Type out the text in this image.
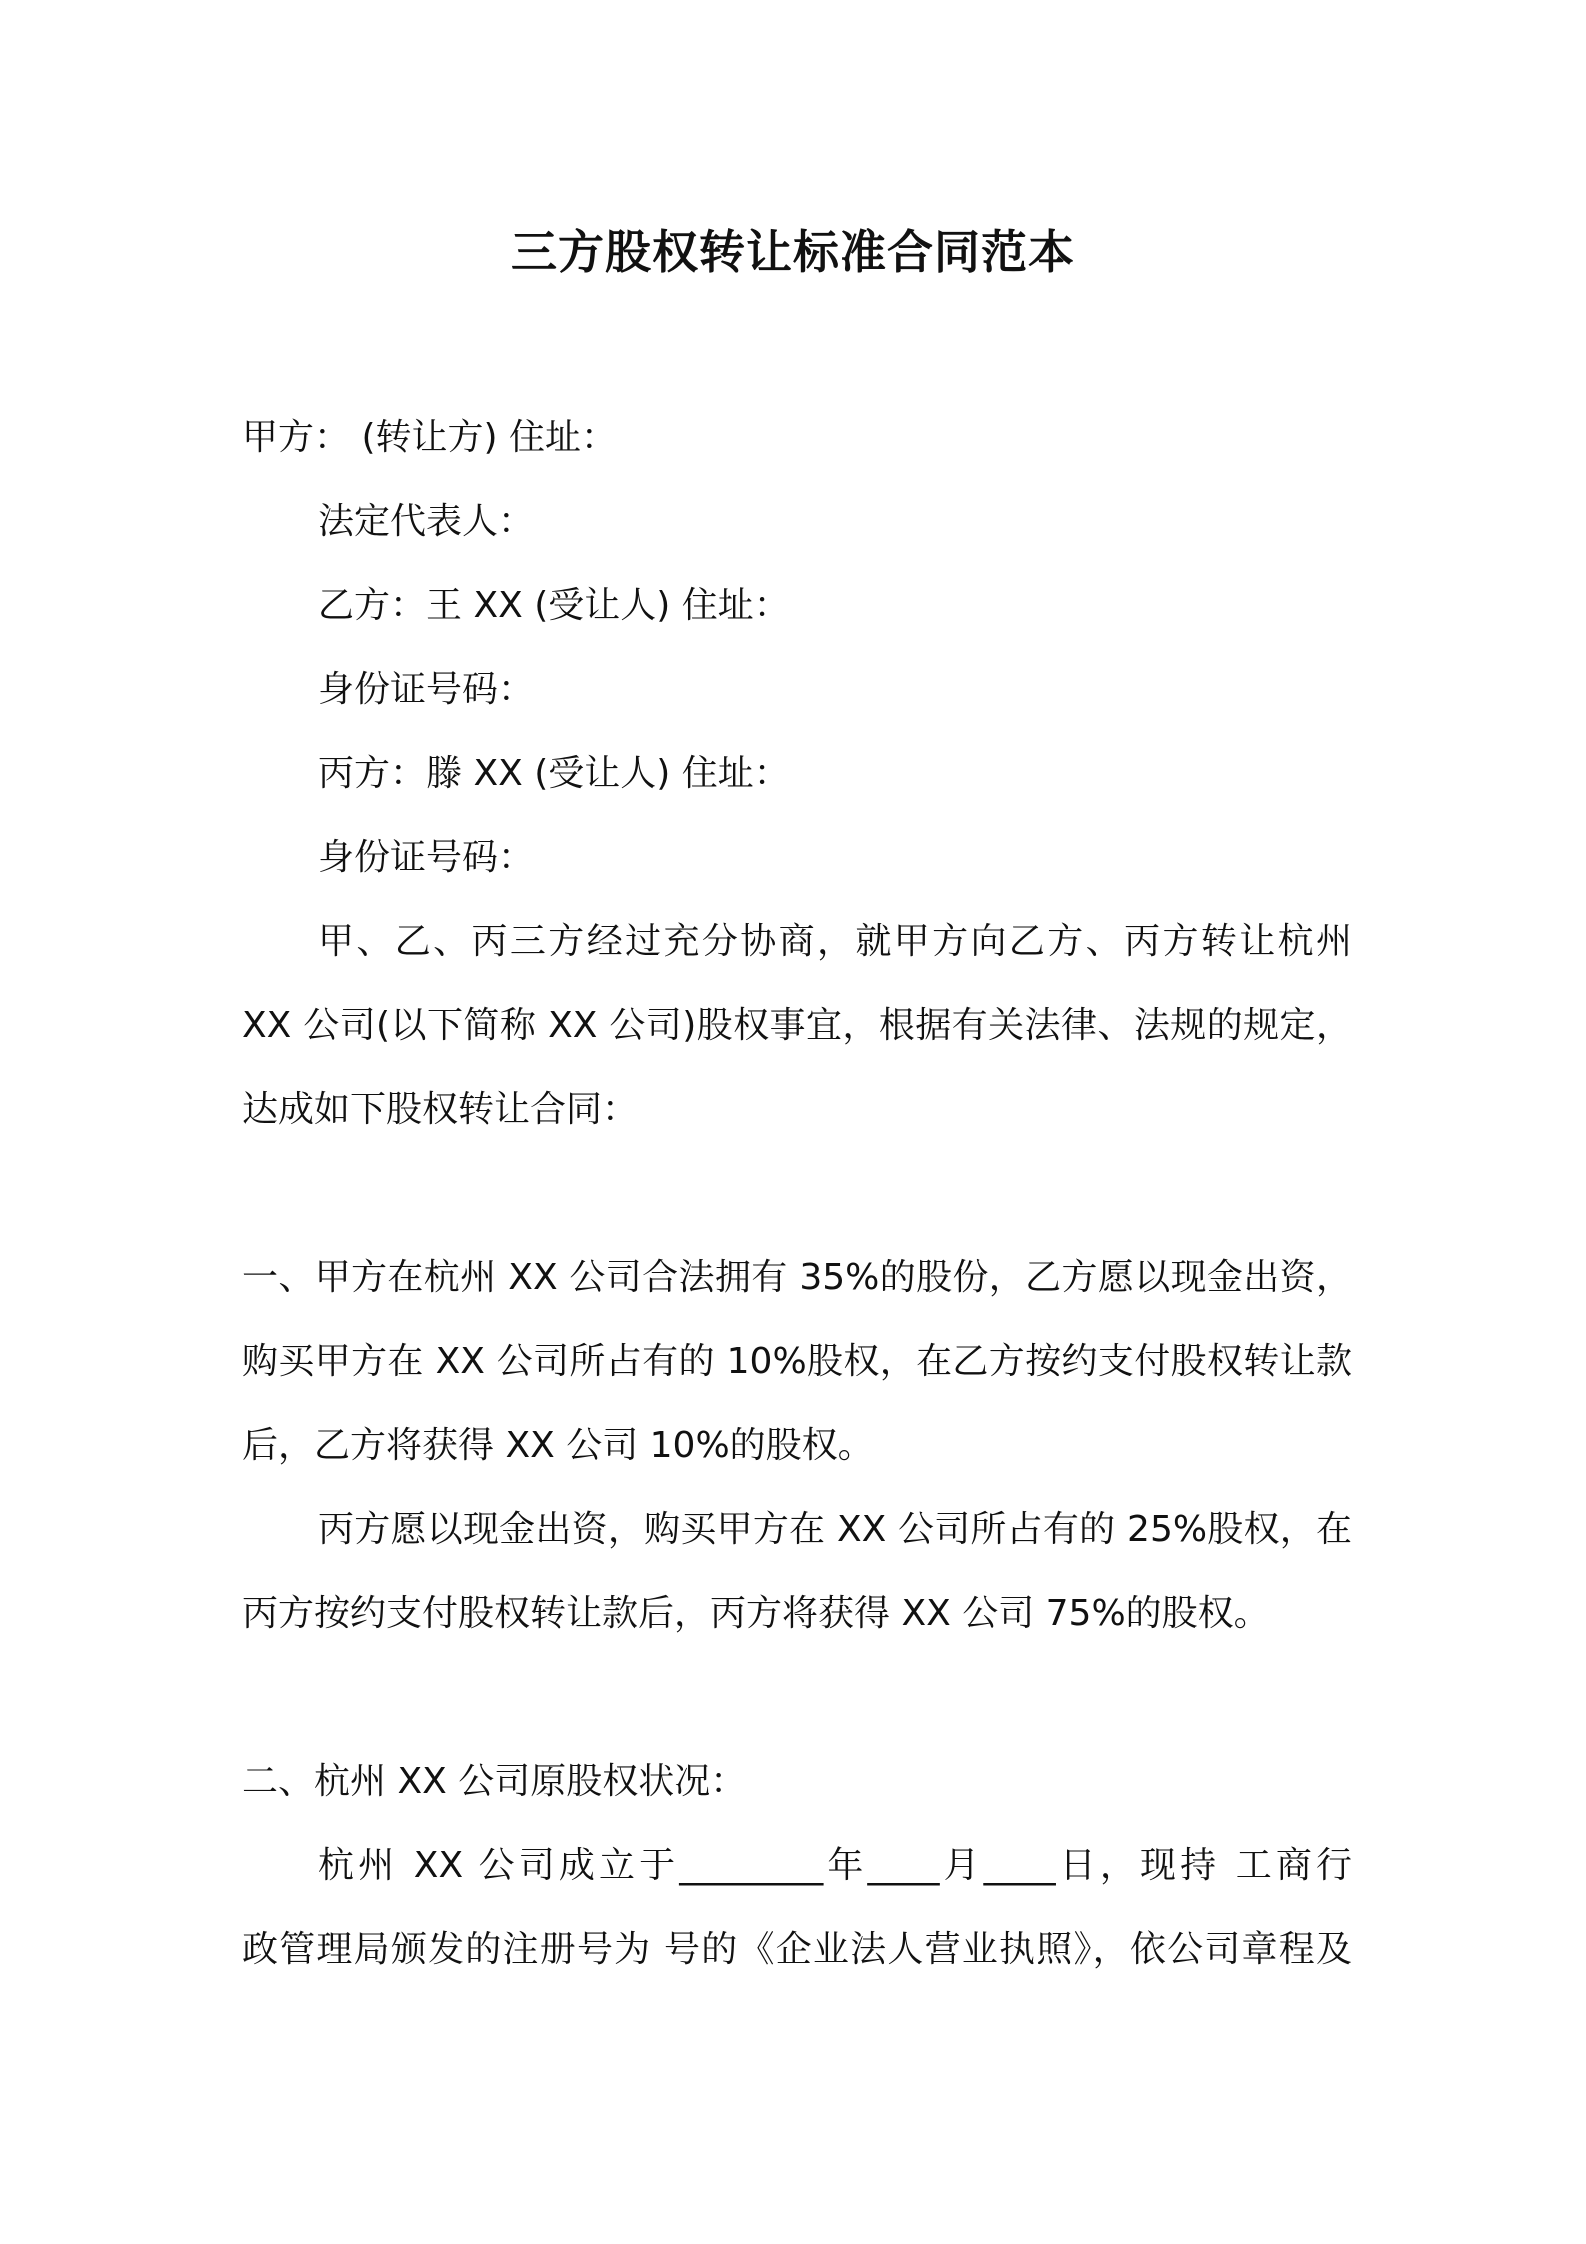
三方股权转让标准合同范本
甲方： (转让方) 住址：
法定代表人：
乙方：王 XX (受让人) 住址：
身份证号码：
丙方：滕 XX (受让人) 住址：
身份证号码：
甲、乙、丙三方经过充分协商，就甲方向乙方、丙方转让杭州
XX 公司(以下简称 XX 公司)股权事宜，根据有关法律、法规的规定，
达成如下股权转让合同：
一、甲方在杭州 XX 公司合法拥有 35%的股份，乙方愿以现金出资，
购买甲方在 XX 公司所占有的 10%股权，在乙方按约支付股权转让款
后，乙方将获得 XX 公司 10%的股权。
丙方愿以现金出资，购买甲方在 XX 公司所占有的 25%股权，在
丙方按约支付股权转让款后，丙方将获得 XX 公司 75%的股权。
二、杭州 XX 公司原股权状况：
杭州 XX 公司成立于________年____月____日，现持 工商行
政管理局颁发的注册号为 号的《企业法人营业执照》，依公司章程及
